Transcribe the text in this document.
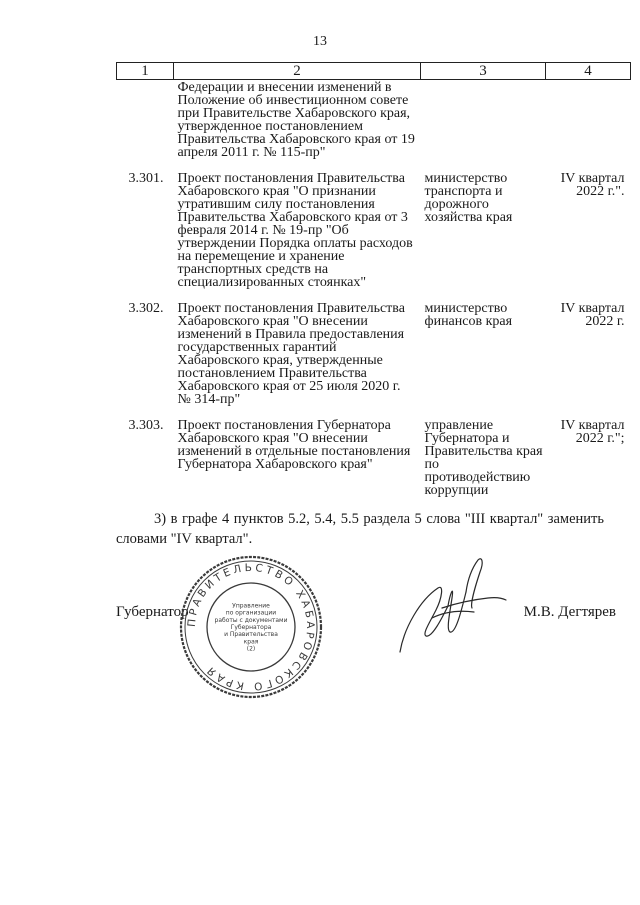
13
1	2	3	4
	Федерации и внесении изменений в Положение об инвестиционном совете при Правительстве Хабаровского края, утвержденное постановлением Правительства Хабаровского края от 19 апреля 2011 г. № 115-пр"		
3.301.	Проект постановления Правительства Хабаровского края "О признании утратившим силу постановления Правительства Хабаровского края от 3 февраля 2014 г. № 19-пр "Об утверждении Порядка оплаты расходов на перемещение и хранение транспортных средств на специализированных стоянках"	министерство транспорта и дорожного хозяйства края	IV квартал 2022 г.".
3.302.	Проект постановления Правительства Хабаровского края "О внесении изменений в Правила предоставления государственных гарантий Хабаровского края, утвержденные постановлением Правительства Хабаровского края от 25 июля 2020 г. № 314-пр"	министерство финансов края	IV квартал 2022 г.
3.303.	Проект постановления Губернатора Хабаровского края "О внесении изменений в отдельные постановления Губернатора Хабаровского края"	управление Губернатора и Правительства края по противодействию коррупции	IV квартал 2022 г.";
3) в графе 4 пунктов 5.2, 5.4, 5.5 раздела 5 слова "III квартал" заменить словами "IV квартал".
Губернатор	М.В. Дегтярев
ПРАВИТЕЛЬСТВО ХАБАРОВСКОГО КРАЯ
Управление
по организации
работы с документами
Губернатора
и Правительства
края
(2)
